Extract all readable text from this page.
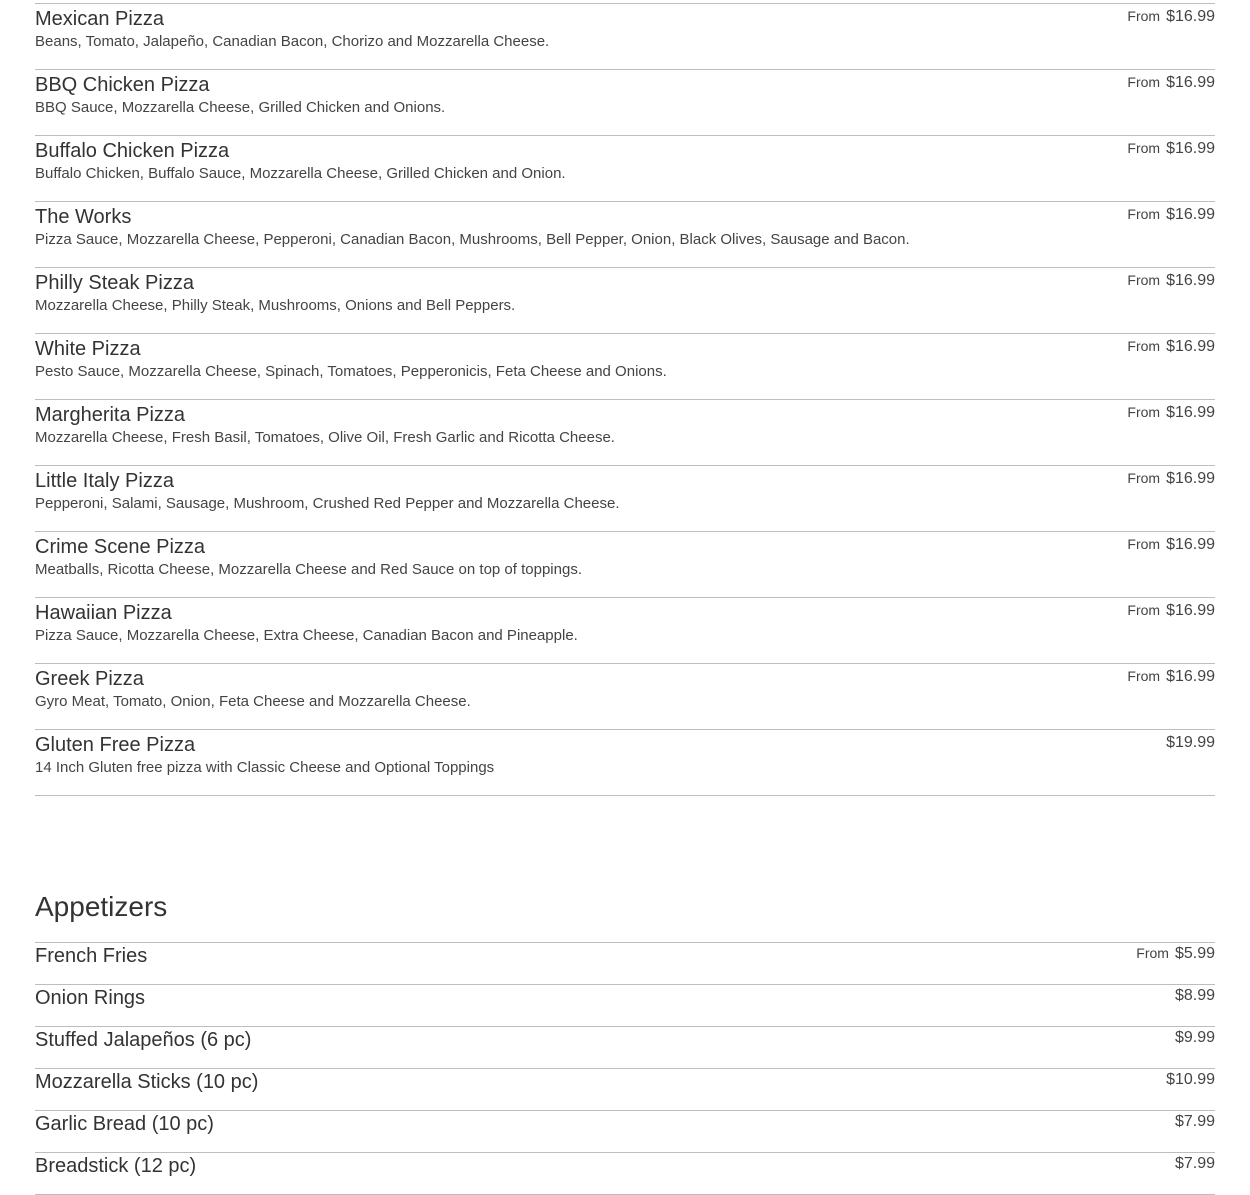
Mexican Pizza
Beans, Tomato, Jalapeño, Canadian Bacon, Chorizo and Mozzarella Cheese.
From $16.99
BBQ Chicken Pizza
BBQ Sauce, Mozzarella Cheese, Grilled Chicken and Onions.
From $16.99
Buffalo Chicken Pizza
Buffalo Chicken, Buffalo Sauce, Mozzarella Cheese, Grilled Chicken and Onion.
From $16.99
The Works
Pizza Sauce, Mozzarella Cheese, Pepperoni, Canadian Bacon, Mushrooms, Bell Pepper, Onion, Black Olives, Sausage and Bacon.
From $16.99
Philly Steak Pizza
Mozzarella Cheese, Philly Steak, Mushrooms, Onions and Bell Peppers.
From $16.99
White Pizza
Pesto Sauce, Mozzarella Cheese, Spinach, Tomatoes, Pepperonicis, Feta Cheese and Onions.
From $16.99
Margherita Pizza
Mozzarella Cheese, Fresh Basil, Tomatoes, Olive Oil, Fresh Garlic and Ricotta Cheese.
From $16.99
Little Italy Pizza
Pepperoni, Salami, Sausage, Mushroom, Crushed Red Pepper and Mozzarella Cheese.
From $16.99
Crime Scene Pizza
Meatballs, Ricotta Cheese, Mozzarella Cheese and Red Sauce on top of toppings.
From $16.99
Hawaiian Pizza
Pizza Sauce, Mozzarella Cheese, Extra Cheese, Canadian Bacon and Pineapple.
From $16.99
Greek Pizza
Gyro Meat, Tomato, Onion, Feta Cheese and Mozzarella Cheese.
From $16.99
Gluten Free Pizza
14 Inch Gluten free pizza with Classic Cheese and Optional Toppings
$19.99
Appetizers
French Fries	From $5.99
Onion Rings	$8.99
Stuffed Jalapeños (6 pc)	$9.99
Mozzarella Sticks (10 pc)	$10.99
Garlic Bread (10 pc)	$7.99
Breadstick (12 pc)	$7.99
